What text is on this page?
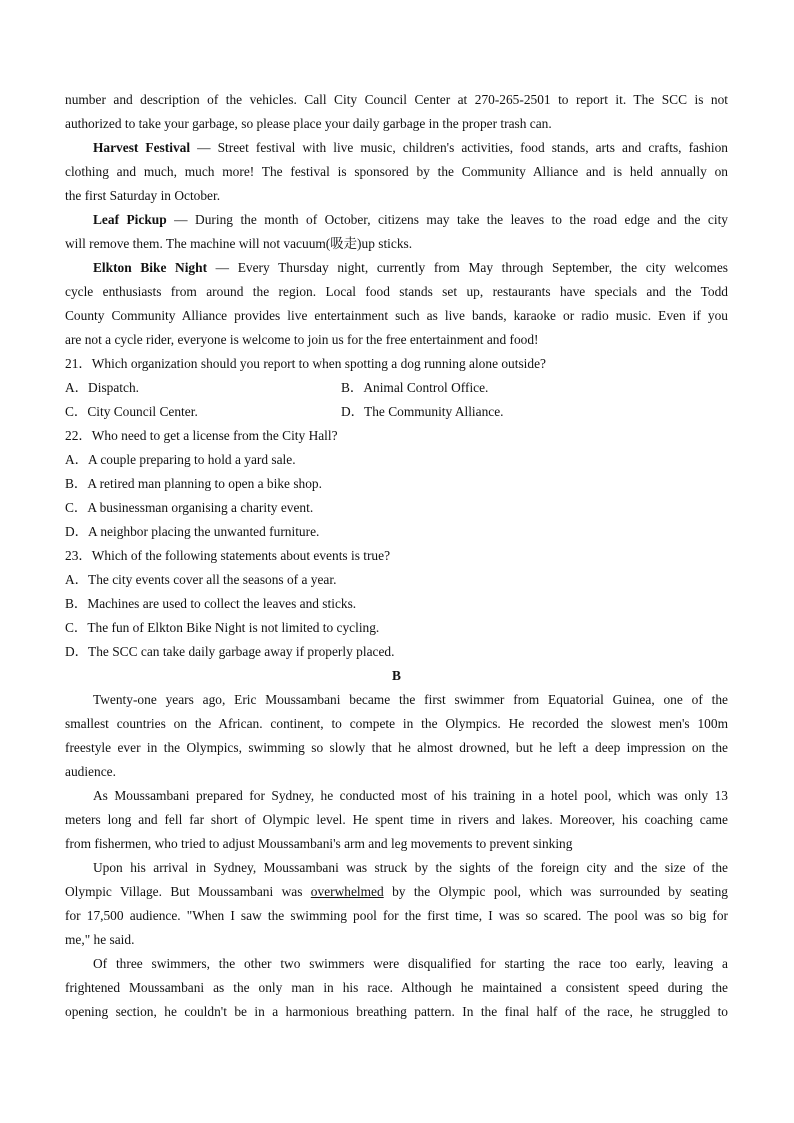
number and description of the vehicles. Call City Council Center at 270-265-2501 to report it. The SCC is not
authorized to take your garbage, so please place your daily garbage in the proper trash can.
Harvest Festival — Street festival with live music, children's activities, food stands, arts and crafts, fashion
clothing and much, much more! The festival is sponsored by the Community Alliance and is held annually on
the first Saturday in October.
Leaf Pickup — During the month of October, citizens may take the leaves to the road edge and the city
will remove them. The machine will not vacuum(吸走)up sticks.
Elkton Bike Night — Every Thursday night, currently from May through September, the city welcomes
cycle enthusiasts from around the region. Local food stands set up, restaurants have specials and the Todd
County Community Alliance provides live entertainment such as live bands, karaoke or radio music. Even if you
are not a cycle rider, everyone is welcome to join us for the free entertainment and food!
21．Which organization should you report to when spotting a dog running alone outside?
A．Dispatch.	B．Animal Control Office.
C．City Council Center.	D．The Community Alliance.
22．Who need to get a license from the City Hall?
A．A couple preparing to hold a yard sale.
B．A retired man planning to open a bike shop.
C．A businessman organising a charity event.
D．A neighbor placing the unwanted furniture.
23．Which of the following statements about events is true?
A．The city events cover all the seasons of a year.
B．Machines are used to collect the leaves and sticks.
C．The fun of Elkton Bike Night is not limited to cycling.
D．The SCC can take daily garbage away if properly placed.
B
Twenty-one years ago, Eric Moussambani became the first swimmer from Equatorial Guinea, one of the
smallest countries on the African. continent, to compete in the Olympics. He recorded the slowest men's 100m
freestyle ever in the Olympics, swimming so slowly that he almost drowned, but he left a deep impression on the
audience.
As Moussambani prepared for Sydney, he conducted most of his training in a hotel pool, which was only 13
meters long and fell far short of Olympic level. He spent time in rivers and lakes. Moreover, his coaching came
from fishermen, who tried to adjust Moussambani's arm and leg movements to prevent sinking
Upon his arrival in Sydney, Moussambani was struck by the sights of the foreign city and the size of the
Olympic Village. But Moussambani was overwhelmed by the Olympic pool, which was surrounded by seating
for 17,500 audience. "When I saw the swimming pool for the first time, I was so scared. The pool was so big for
me," he said.
Of three swimmers, the other two swimmers were disqualified for starting the race too early, leaving a
frightened Moussambani as the only man in his race. Although he maintained a consistent speed during the
opening section, he couldn't be in a harmonious breathing pattern. In the final half of the race, he struggled to
